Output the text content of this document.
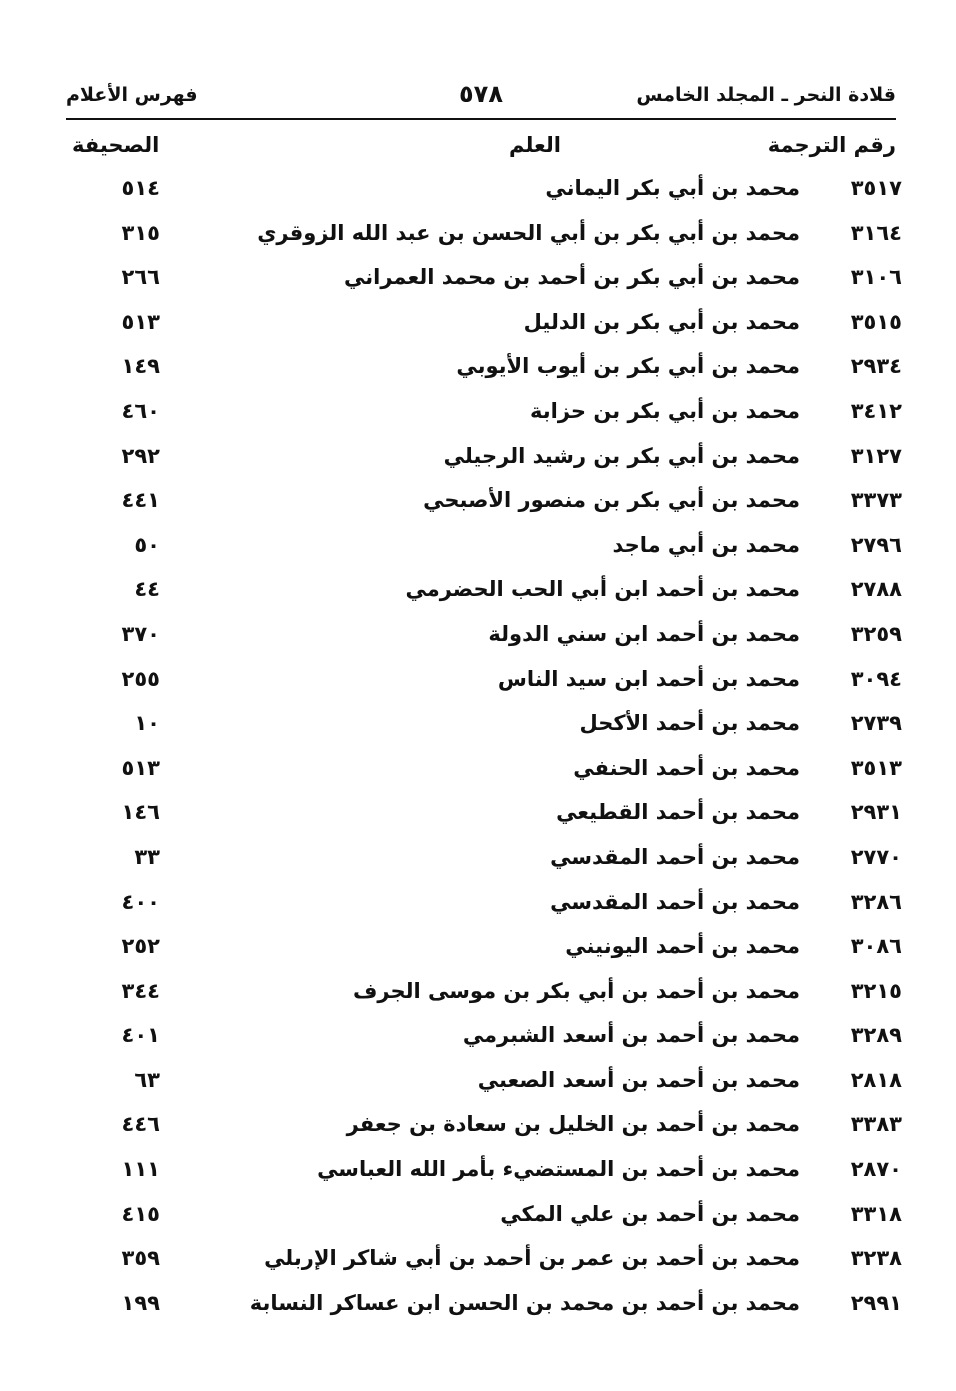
قلادة النحر ـ المجلد الخامس
٥٧٨
فهرس الأعلام
رقم الترجمة
العلم
الصحيفة
٣٥١٧
محمد بن أبي بكر اليماني
٥١٤
٣١٦٤
محمد بن أبي بكر بن أبي الحسن بن عبد الله الزوقري
٣١٥
٣١٠٦
محمد بن أبي بكر بن أحمد بن محمد العمراني
٢٦٦
٣٥١٥
محمد بن أبي بكر بن الدليل
٥١٣
٢٩٣٤
محمد بن أبي بكر بن أيوب الأيوبي
١٤٩
٣٤١٢
محمد بن أبي بكر بن حزابة
٤٦٠
٣١٢٧
محمد بن أبي بكر بن رشيد الرجيلي
٢٩٢
٣٣٧٣
محمد بن أبي بكر بن منصور الأصبحي
٤٤١
٢٧٩٦
محمد بن أبي ماجد
٥٠
٢٧٨٨
محمد بن أحمد ابن أبي الحب الحضرمي
٤٤
٣٢٥٩
محمد بن أحمد ابن سني الدولة
٣٧٠
٣٠٩٤
محمد بن أحمد ابن سيد الناس
٢٥٥
٢٧٣٩
محمد بن أحمد الأكحل
١٠
٣٥١٣
محمد بن أحمد الحنفي
٥١٣
٢٩٣١
محمد بن أحمد القطيعي
١٤٦
٢٧٧٠
محمد بن أحمد المقدسي
٣٣
٣٢٨٦
محمد بن أحمد المقدسي
٤٠٠
٣٠٨٦
محمد بن أحمد اليونيني
٢٥٢
٣٢١٥
محمد بن أحمد بن أبي بكر بن موسى الجرف
٣٤٤
٣٢٨٩
محمد بن أحمد بن أسعد الشبرمي
٤٠١
٢٨١٨
محمد بن أحمد بن أسعد الصعبي
٦٣
٣٣٨٣
محمد بن أحمد بن الخليل بن سعادة بن جعفر
٤٤٦
٢٨٧٠
محمد بن أحمد بن المستضيء بأمر الله العباسي
١١١
٣٣١٨
محمد بن أحمد بن علي المكي
٤١٥
٣٢٣٨
محمد بن أحمد بن عمر بن أحمد بن أبي شاكر الإربلي
٣٥٩
٢٩٩١
محمد بن أحمد بن محمد بن الحسن ابن عساكر النسابة
١٩٩
